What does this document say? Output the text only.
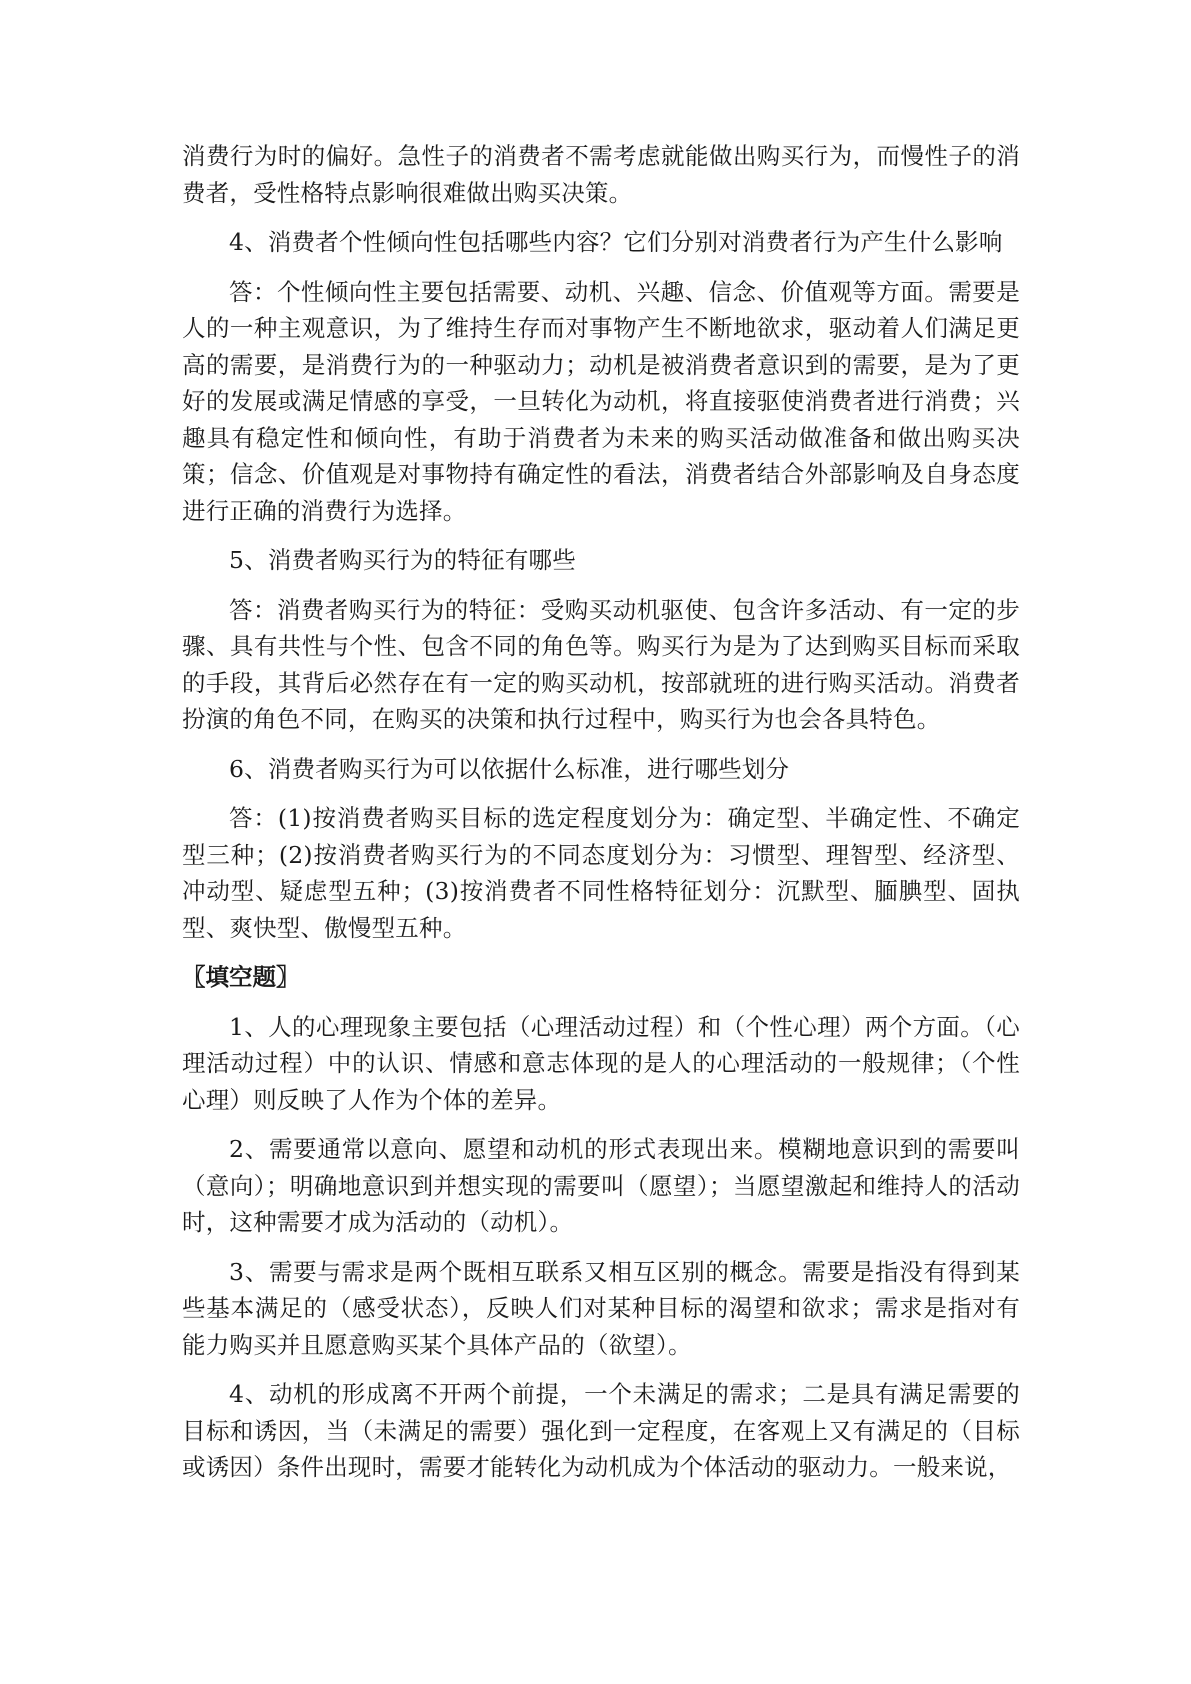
消费行为时的偏好。急性子的消费者不需考虑就能做出购买行为，而慢性子的消费者，受性格特点影响很难做出购买决策。

4、消费者个性倾向性包括哪些内容？它们分别对消费者行为产生什么影响

答：个性倾向性主要包括需要、动机、兴趣、信念、价值观等方面。需要是人的一种主观意识，为了维持生存而对事物产生不断地欲求，驱动着人们满足更高的需要，是消费行为的一种驱动力；动机是被消费者意识到的需要，是为了更好的发展或满足情感的享受，一旦转化为动机，将直接驱使消费者进行消费；兴趣具有稳定性和倾向性，有助于消费者为未来的购买活动做准备和做出购买决策；信念、价值观是对事物持有确定性的看法，消费者结合外部影响及自身态度进行正确的消费行为选择。

5、消费者购买行为的特征有哪些

答：消费者购买行为的特征：受购买动机驱使、包含许多活动、有一定的步骤、具有共性与个性、包含不同的角色等。购买行为是为了达到购买目标而采取的手段，其背后必然存在有一定的购买动机，按部就班的进行购买活动。消费者扮演的角色不同，在购买的决策和执行过程中，购买行为也会各具特色。

6、消费者购买行为可以依据什么标准，进行哪些划分

答：(1)按消费者购买目标的选定程度划分为：确定型、半确定性、不确定型三种；(2)按消费者购买行为的不同态度划分为：习惯型、理智型、经济型、冲动型、疑虑型五种；(3)按消费者不同性格特征划分：沉默型、腼腆型、固执型、爽快型、傲慢型五种。

〖填空题〗

1、人的心理现象主要包括（心理活动过程）和（个性心理）两个方面。（心理活动过程）中的认识、情感和意志体现的是人的心理活动的一般规律；（个性心理）则反映了人作为个体的差异。

2、需要通常以意向、愿望和动机的形式表现出来。模糊地意识到的需要叫（意向）；明确地意识到并想实现的需要叫（愿望）；当愿望激起和维持人的活动时，这种需要才成为活动的（动机）。

3、需要与需求是两个既相互联系又相互区别的概念。需要是指没有得到某些基本满足的（感受状态），反映人们对某种目标的渴望和欲求；需求是指对有能力购买并且愿意购买某个具体产品的（欲望）。

4、动机的形成离不开两个前提，一个未满足的需求；二是具有满足需要的目标和诱因，当（未满足的需要）强化到一定程度，在客观上又有满足的（目标或诱因）条件出现时，需要才能转化为动机成为个体活动的驱动力。一般来说，
